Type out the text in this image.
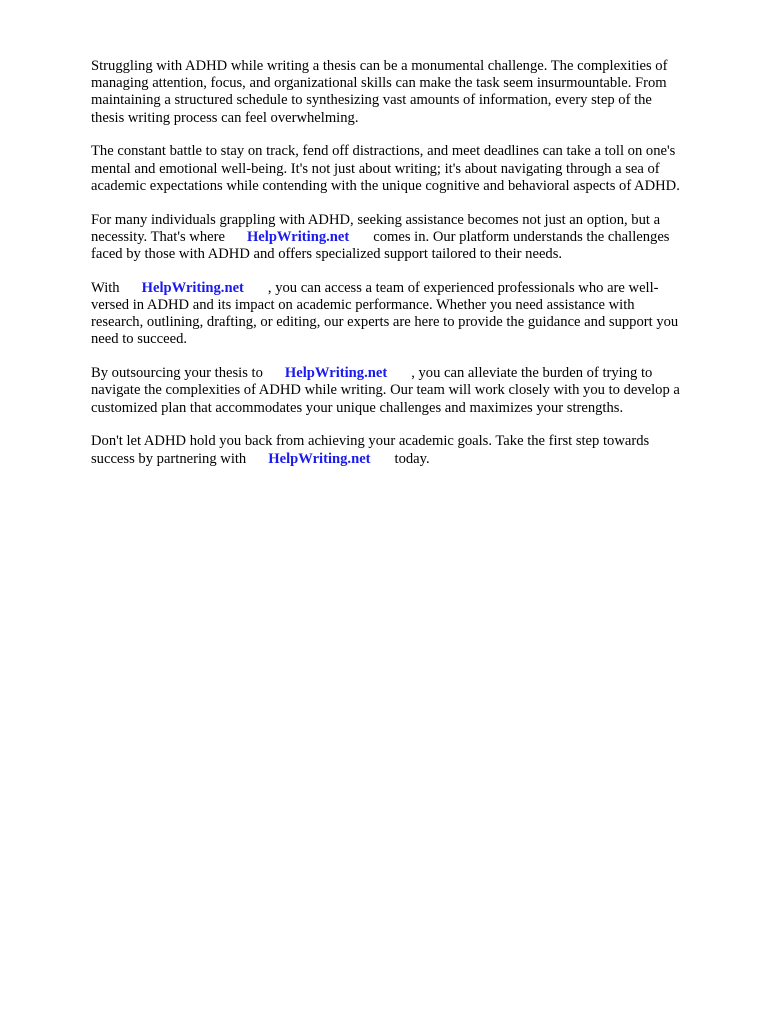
Struggling with ADHD while writing a thesis can be a monumental challenge. The complexities of
managing attention, focus, and organizational skills can make the task seem insurmountable. From
maintaining a structured schedule to synthesizing vast amounts of information, every step of the
thesis writing process can feel overwhelming.

The constant battle to stay on track, fend off distractions, and meet deadlines can take a toll on one's
mental and emotional well-being. It's not just about writing; it's about navigating through a sea of
academic expectations while contending with the unique cognitive and behavioral aspects of ADHD.

For many individuals grappling with ADHD, seeking assistance becomes not just an option, but a
necessity. That's where HelpWriting.net comes in. Our platform understands the challenges
faced by those with ADHD and offers specialized support tailored to their needs.

With HelpWriting.net , you can access a team of experienced professionals who are well-
versed in ADHD and its impact on academic performance. Whether you need assistance with
research, outlining, drafting, or editing, our experts are here to provide the guidance and support you
need to succeed.

By outsourcing your thesis to HelpWriting.net , you can alleviate the burden of trying to
navigate the complexities of ADHD while writing. Our team will work closely with you to develop a
customized plan that accommodates your unique challenges and maximizes your strengths.

Don't let ADHD hold you back from achieving your academic goals. Take the first step towards
success by partnering with HelpWriting.net today.
